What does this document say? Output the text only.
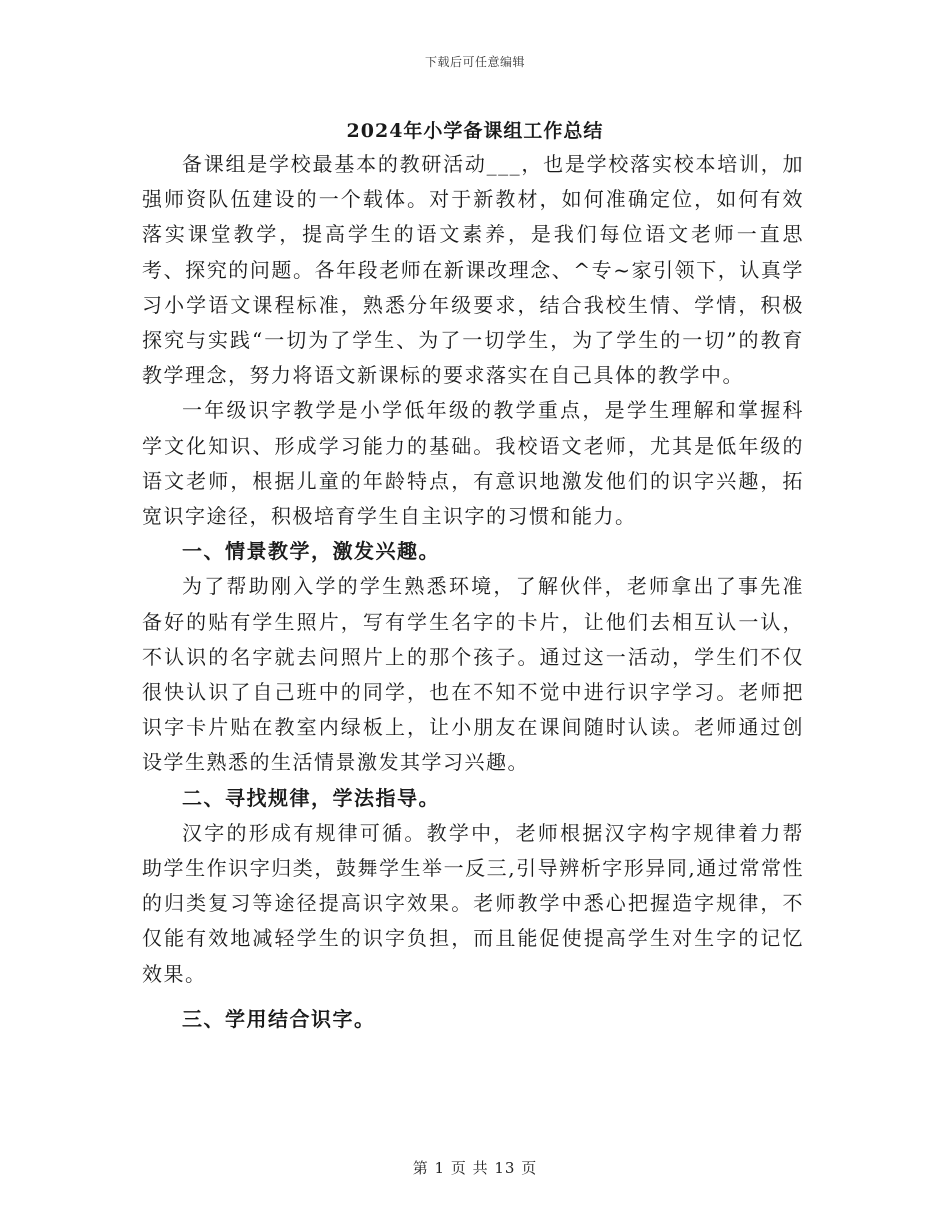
下载后可任意编辑
2024年小学备课组工作总结

备课组是学校最基本的教研活动___，也是学校落实校本培训，加强师资队伍建设的一个载体。对于新教材，如何准确定位，如何有效落实课堂教学，提高学生的语文素养，是我们每位语文老师一直思考、探究的问题。各年段老师在新课改理念、^专~家引领下，认真学习小学语文课程标准，熟悉分年级要求，结合我校生情、学情，积极探究与实践“一切为了学生、为了一切学生，为了学生的一切”的教育教学理念，努力将语文新课标的要求落实在自己具体的教学中。

一年级识字教学是小学低年级的教学重点，是学生理解和掌握科学文化知识、形成学习能力的基础。我校语文老师，尤其是低年级的语文老师，根据儿童的年龄特点，有意识地激发他们的识字兴趣，拓宽识字途径，积极培育学生自主识字的习惯和能力。

一、情景教学，激发兴趣。

为了帮助刚入学的学生熟悉环境，了解伙伴，老师拿出了事先准备好的贴有学生照片，写有学生名字的卡片，让他们去相互认一认，不认识的名字就去问照片上的那个孩子。通过这一活动，学生们不仅很快认识了自己班中的同学，也在不知不觉中进行识字学习。老师把识字卡片贴在教室内绿板上，让小朋友在课间随时认读。老师通过创设学生熟悉的生活情景激发其学习兴趣。

二、寻找规律，学法指导。

汉字的形成有规律可循。教学中，老师根据汉字构字规律着力帮助学生作识字归类，鼓舞学生举一反三,引导辨析字形异同,通过常常性的归类复习等途径提高识字效果。老师教学中悉心把握造字规律，不仅能有效地减轻学生的识字负担，而且能促使提高学生对生字的记忆效果。

三、学用结合识字。

第 1 页 共 13 页
